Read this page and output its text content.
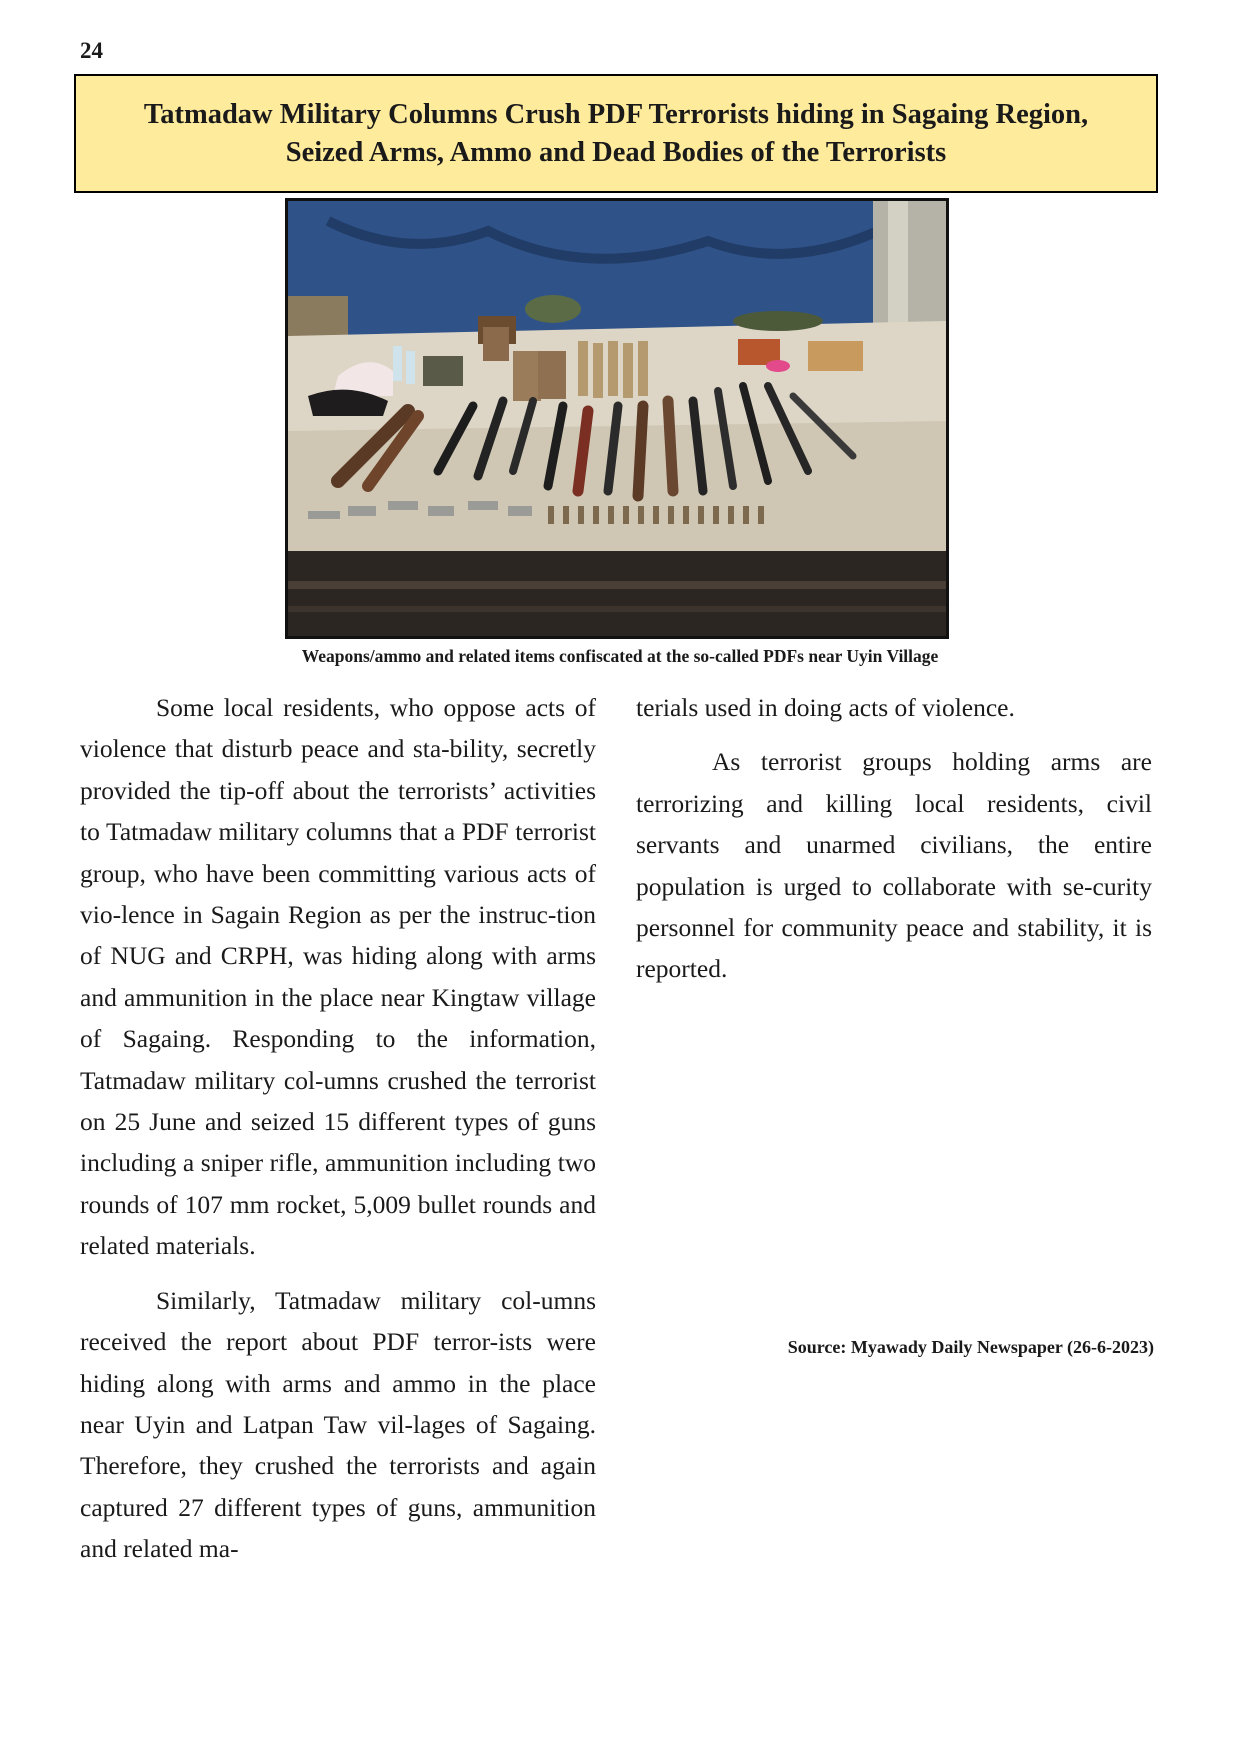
24
Tatmadaw Military Columns Crush PDF Terrorists hiding in Sagaing Region,
Seized Arms, Ammo and Dead Bodies of the Terrorists
Weapons/ammo and related items confiscated at the so-called PDFs near Uyin Village

Some local residents, who oppose acts of violence that disturb peace and sta-bility, secretly provided the tip-off about the terrorists’ activities to Tatmadaw military columns that a PDF terrorist group, who have been committing various acts of vio-lence in Sagain Region as per the instruc-tion of NUG and CRPH, was hiding along with arms and ammunition in the place near Kingtaw village of Sagaing. Responding to the information, Tatmadaw military col-umns crushed the terrorist on 25 June and seized 15 different types of guns including a sniper rifle, ammunition including two rounds of 107 mm rocket, 5,009 bullet rounds and related materials.

Similarly, Tatmadaw military col-umns received the report about PDF terror-ists were hiding along with arms and ammo in the place near Uyin and Latpan Taw vil-lages of Sagaing. Therefore, they crushed the terrorists and again captured 27 different types of guns, ammunition and related ma-

terials used in doing acts of violence.

As terrorist groups holding arms are terrorizing and killing local residents, civil servants and unarmed civilians, the entire population is urged to collaborate with se-curity personnel for community peace and stability, it is reported.

Source: Myawady Daily Newspaper (26-6-2023)
